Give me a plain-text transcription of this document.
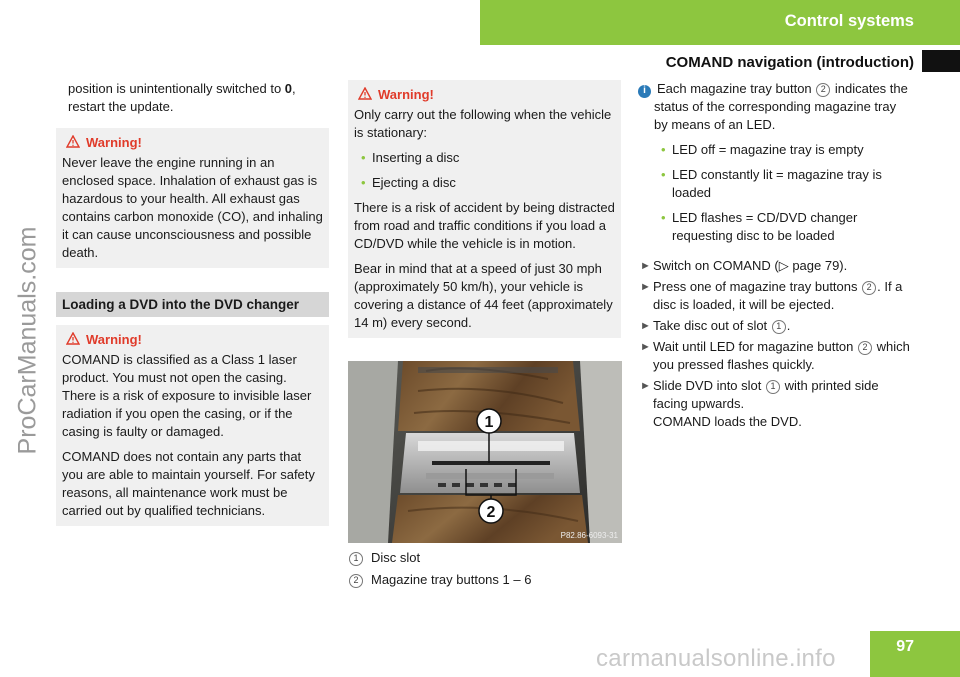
Control systems
COMAND navigation (introduction)
ProCarManuals.com

position is unintentionally switched to 0, restart the update.

Warning!

Never leave the engine running in an enclosed space. Inhalation of exhaust gas is hazardous to your health. All exhaust gas contains carbon monoxide (CO), and inhaling it can cause unconsciousness and possible death.

Loading a DVD into the DVD changer
Warning!

COMAND is classified as a Class 1 laser product. You must not open the casing. There is a risk of exposure to invisible laser radiation if you open the casing, or if the casing is faulty or damaged.

COMAND does not contain any parts that you are able to maintain yourself. For safety reasons, all maintenance work must be carried out by qualified technicians.

Warning!

Only carry out the following when the vehicle is stationary:

• Inserting a disc
• Ejecting a disc

There is a risk of accident by being distracted from road and traffic conditions if you load a CD/DVD while the vehicle is in motion.

Bear in mind that at a speed of just 30 mph (approximately 50 km/h), your vehicle is covering a distance of 44 feet (approximately 14 m) every second.

1
2
P82.86-6093-31

1 Disc slot

2 Magazine tray buttons 1 – 6

i Each magazine tray button 2 indicates the status of the corresponding magazine tray by means of an LED.

• LED off = magazine tray is empty
• LED constantly lit = magazine tray is loaded
• LED flashes = CD/DVD changer requesting disc to be loaded
► Switch on COMAND (▷ page 79).
► Press one of magazine tray buttons 2 . If a disc is loaded, it will be ejected.
► Take disc out of slot 1 .
► Wait until LED for magazine button 2 which you pressed flashes quickly.
► Slide DVD into slot 1 with printed side facing upwards.
COMAND loads the DVD.
97
carmanualsonline.info
